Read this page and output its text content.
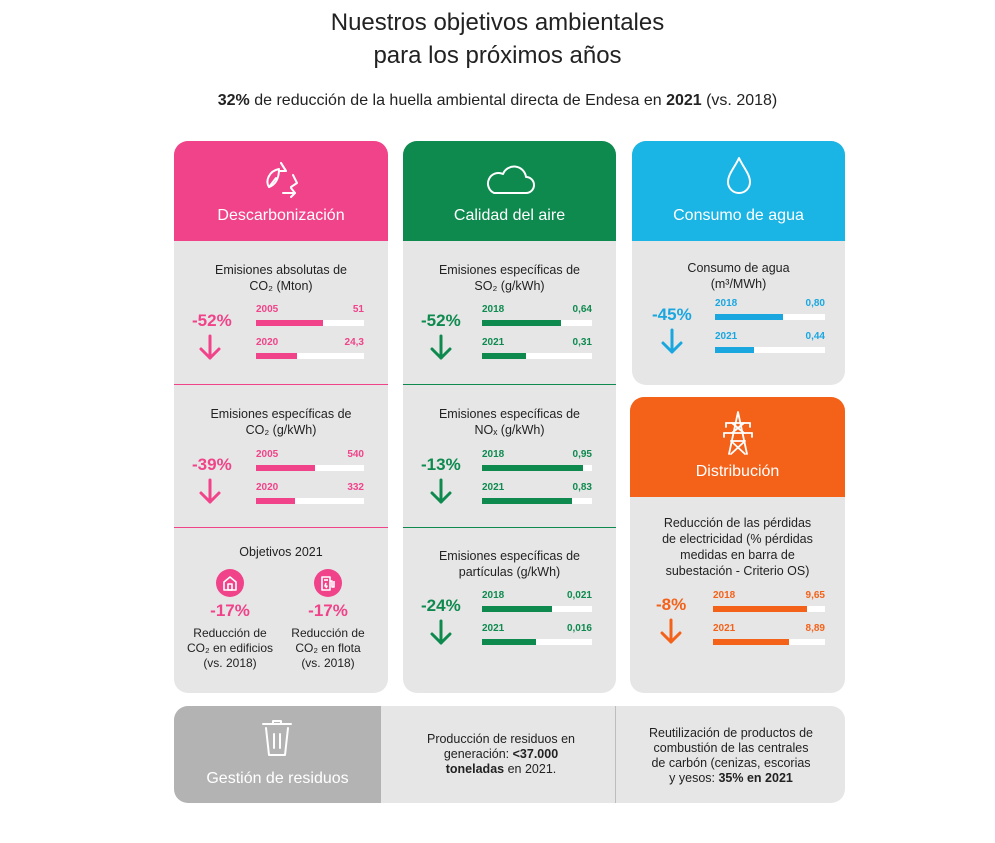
Nuestros objetivos ambientales
para los próximos años
32% de reducción de la huella ambiental directa de Endesa en 2021 (vs. 2018)
Descarbonización
Emisiones absolutas de
CO₂ (Mton)
-52%
2005	51
2020	24,3
Emisiones específicas de
CO₂ (g/kWh)
-39%
2005	540
2020	332
Objetivos 2021
-17%
Reducción de
CO₂ en edificios
(vs. 2018)
-17%
Reducción de
CO₂ en flota
(vs. 2018)
Calidad del aire
Emisiones específicas de
SO₂ (g/kWh)
-52%
2018	0,64
2021	0,31
Emisiones específicas de
NOₓ (g/kWh)
-13%
2018	0,95
2021	0,83
Emisiones específicas de
partículas (g/kWh)
-24%
2018	0,021
2021	0,016
Consumo de agua
Consumo de agua
(m³/MWh)
-45%
2018	0,80
2021	0,44
Distribución
Reducción de las pérdidas
de electricidad (% pérdidas
medidas en barra de
subestación - Criterio OS)
-8%	2018	9,65
2021	8,89
Gestión de residuos
Producción de residuos en
generación: <37.000
toneladas en 2021.
Reutilización de productos de
combustión de las centrales
de carbón (cenizas, escorias
y yesos: 35% en 2021
